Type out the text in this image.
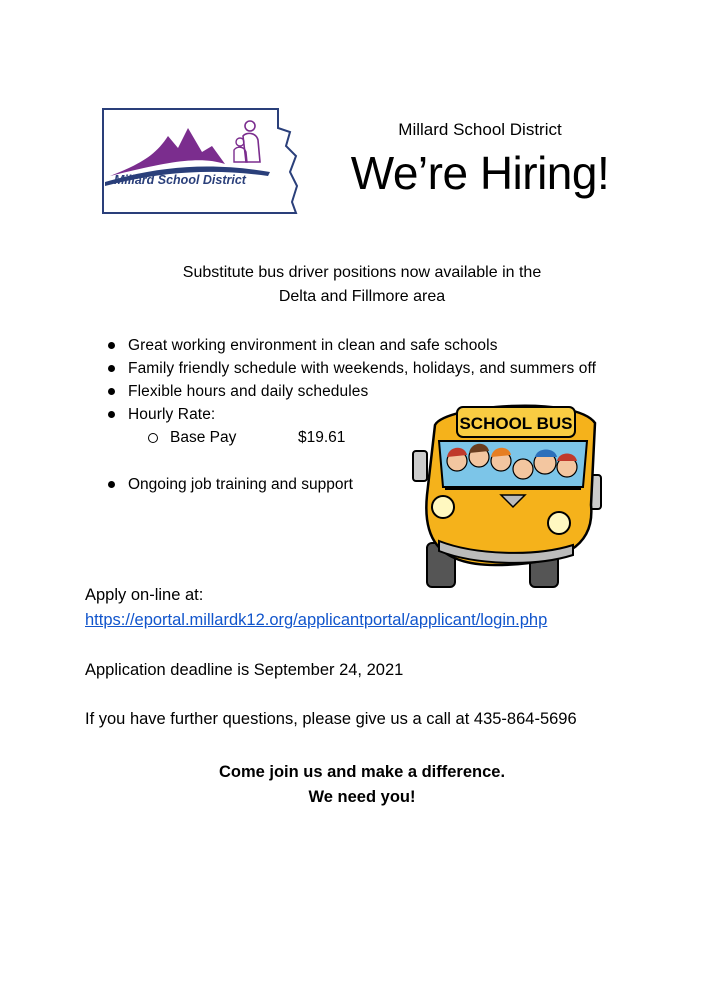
Millard School District
Millard School District
We’re Hiring!
Substitute bus driver positions now available in the
Delta and Fillmore area
Great working environment in clean and safe schools
Family friendly schedule with weekends, holidays, and summers off
Flexible hours and daily schedules
Hourly Rate:
Base Pay	$19.61
Ongoing job training and support
SCHOOL BUS
Apply on-line at:
https://eportal.millardk12.org/applicantportal/applicant/login.php
Application deadline is September 24, 2021
If you have further questions, please give us a call at 435-864-5696
Come join us and make a difference.
We need you!
